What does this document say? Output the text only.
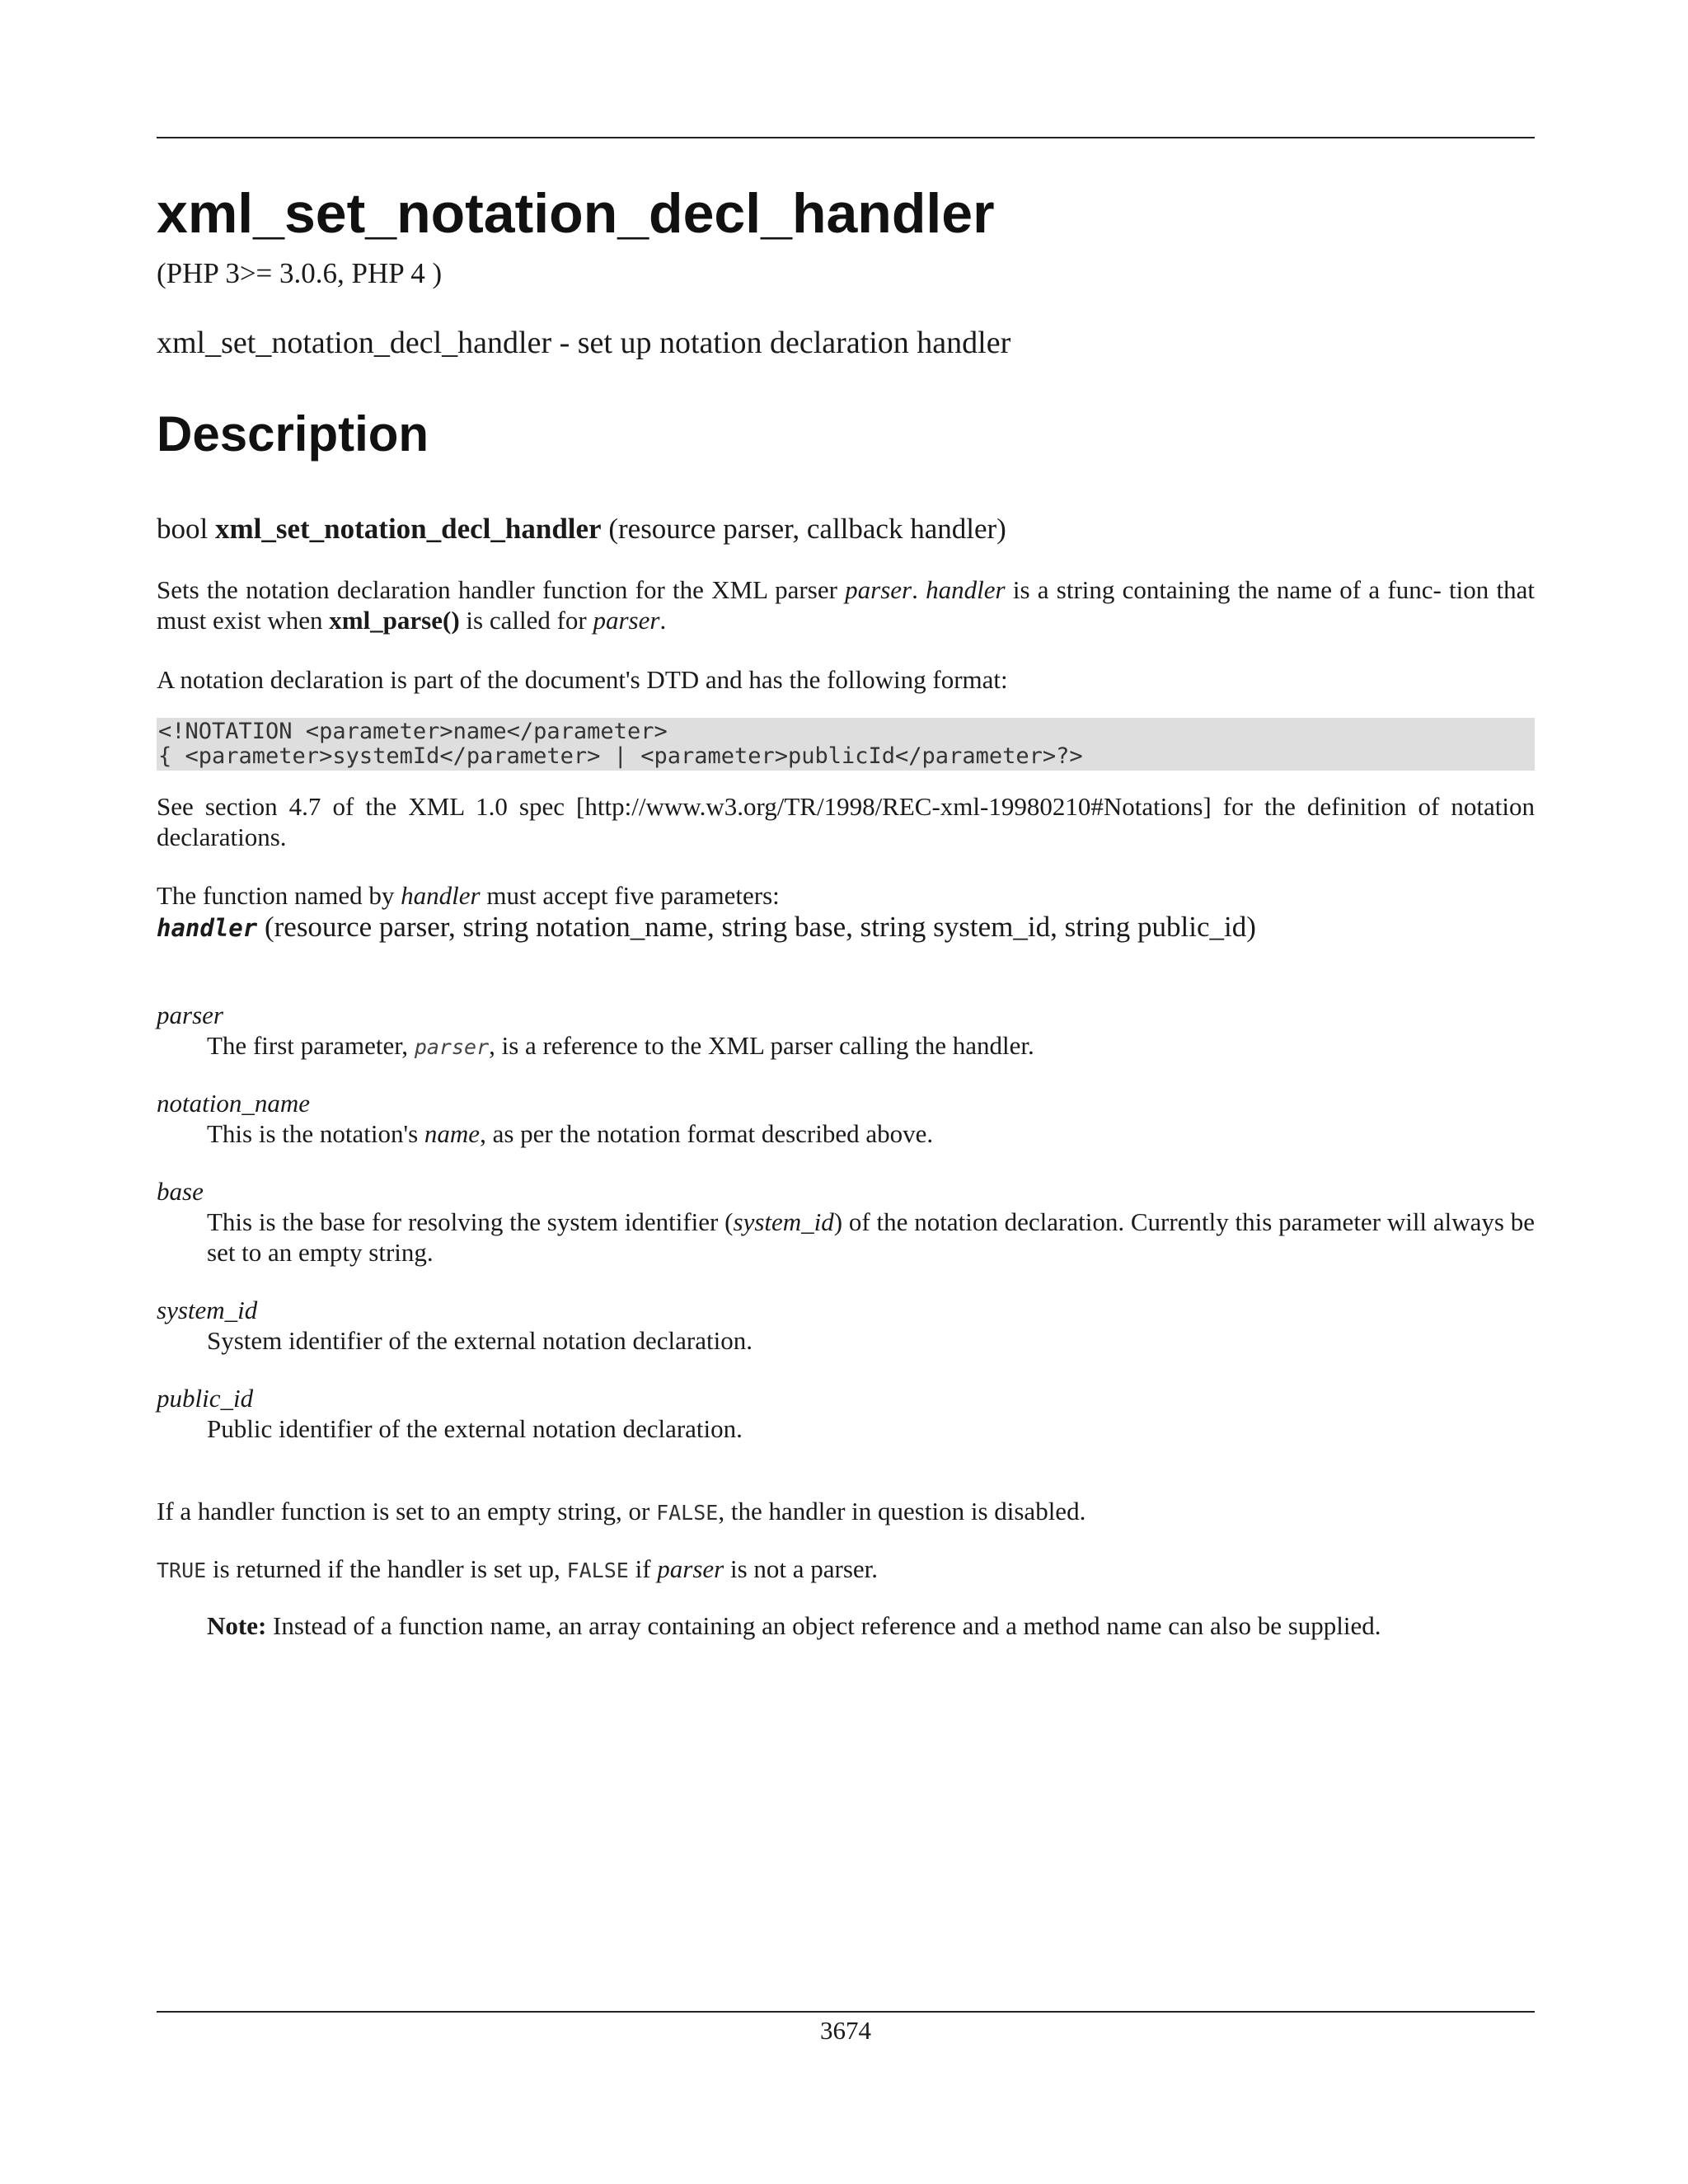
xml_set_notation_decl_handler
(PHP 3>= 3.0.6, PHP 4 )
xml_set_notation_decl_handler - set up notation declaration handler
Description
bool xml_set_notation_decl_handler (resource parser, callback handler)
Sets the notation declaration handler function for the XML parser parser. handler is a string containing the name of a func- tion that must exist when xml_parse() is called for parser.
A notation declaration is part of the document's DTD and has the following format:
<!NOTATION <parameter>name</parameter>
{ <parameter>systemId</parameter> | <parameter>publicId</parameter>?>
See section 4.7 of the XML 1.0 spec [http://www.w3.org/TR/1998/REC-xml-19980210#Notations] for the definition of notation declarations.
The function named by handler must accept five parameters:
handler (resource parser, string notation_name, string base, string system_id, string public_id)
parser
The first parameter, parser, is a reference to the XML parser calling the handler.
notation_name
This is the notation's name, as per the notation format described above.
base
This is the base for resolving the system identifier (system_id) of the notation declaration. Currently this parameter will always be set to an empty string.
system_id
System identifier of the external notation declaration.
public_id
Public identifier of the external notation declaration.
If a handler function is set to an empty string, or FALSE, the handler in question is disabled.
TRUE is returned if the handler is set up, FALSE if parser is not a parser.
Note: Instead of a function name, an array containing an object reference and a method name can also be supplied.
3674
